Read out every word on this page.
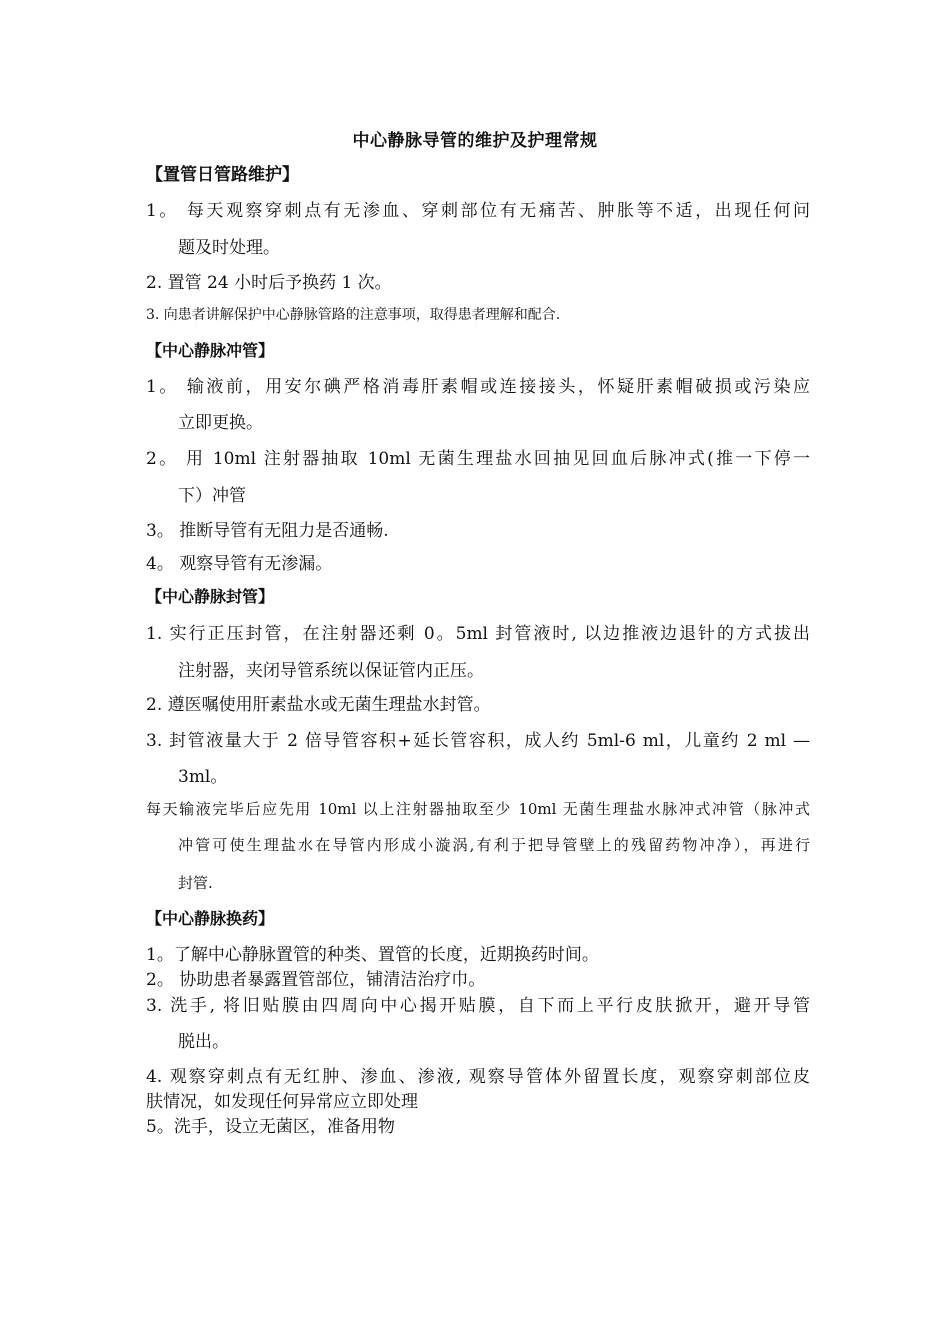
中心静脉导管的维护及护理常规
【置管日管路维护】
1。 每天观察穿刺点有无渗血、穿刺部位有无痛苦、肿胀等不适，出现任何问
题及时处理。
2. 置管 24 小时后予换药 1 次。
3. 向患者讲解保护中心静脉管路的注意事项，取得患者理解和配合.
【中心静脉冲管】
1。 输液前，用安尔碘严格消毒肝素帽或连接接头，怀疑肝素帽破损或污染应
立即更换。
2。 用 10ml 注射器抽取 10ml 无菌生理盐水回抽见回血后脉冲式(推一下停一
下）冲管
3。 推断导管有无阻力是否通畅.
4。 观察导管有无渗漏。
【中心静脉封管】
1. 实行正压封管，在注射器还剩 0。5ml 封管液时, 以边推液边退针的方式拔出
注射器，夹闭导管系统以保证管内正压。
2. 遵医嘱使用肝素盐水或无菌生理盐水封管。
3. 封管液量大于 2 倍导管容积+延长管容积，成人约 5ml-6 ml，儿童约 2 ml —
3ml。
每天输液完毕后应先用 10ml 以上注射器抽取至少 10ml 无菌生理盐水脉冲式冲管（脉冲式
冲管可使生理盐水在导管内形成小漩涡,有利于把导管壁上的残留药物冲净），再进行
封管.
【中心静脉换药】
1。了解中心静脉置管的种类、置管的长度，近期换药时间。
2。 协助患者暴露置管部位，铺清洁治疗巾。
3. 洗手, 将旧贴膜由四周向中心揭开贴膜，自下而上平行皮肤掀开，避开导管
脱出。
4. 观察穿刺点有无红肿、渗血、渗液, 观察导管体外留置长度，观察穿刺部位皮
肤情况，如发现任何异常应立即处理
5。洗手，设立无菌区，准备用物
